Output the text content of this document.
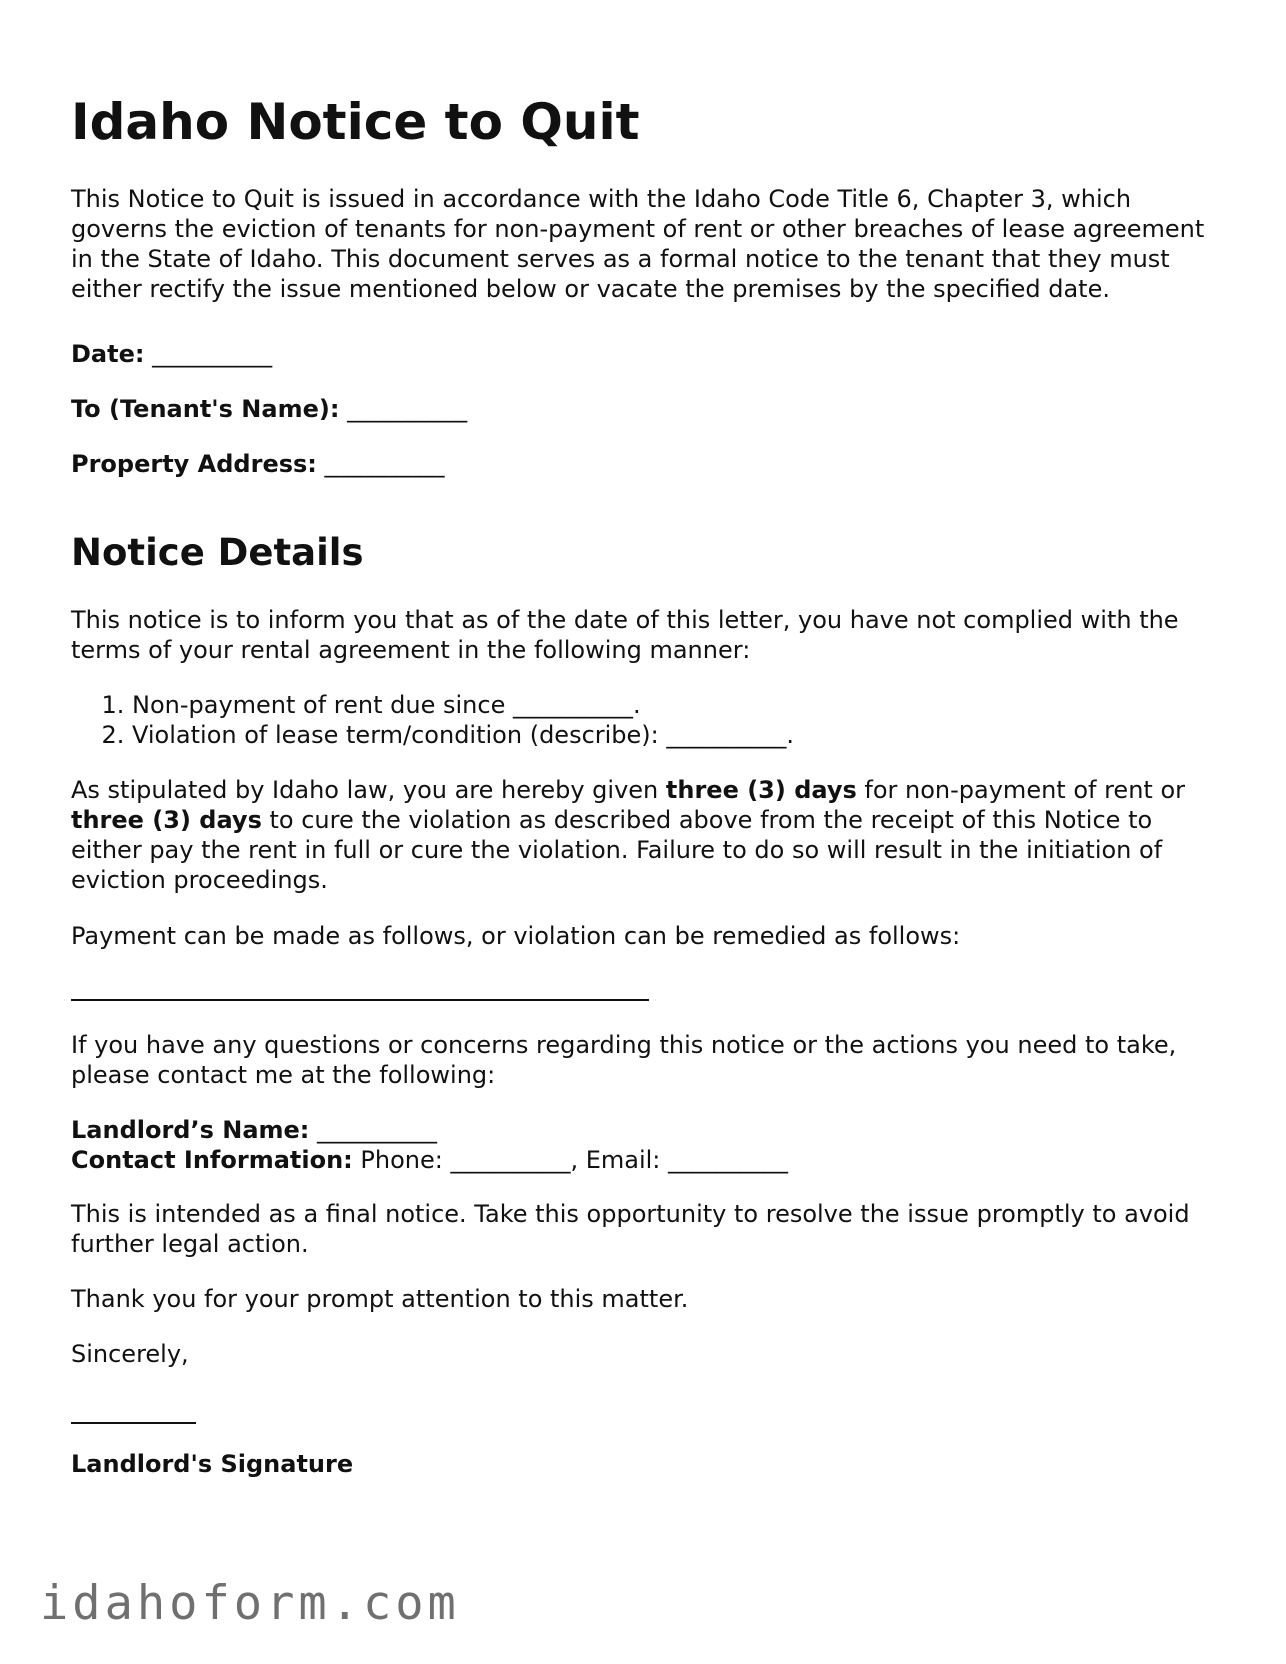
Idaho Notice to Quit

This Notice to Quit is issued in accordance with the Idaho Code Title 6, Chapter 3, which governs the eviction of tenants for non-payment of rent or other breaches of lease agreement in the State of Idaho. This document serves as a formal notice to the tenant that they must either rectify the issue mentioned below or vacate the premises by the specified date.

Date: __________

To (Tenant's Name): __________

Property Address: __________

Notice Details

This notice is to inform you that as of the date of this letter, you have not complied with the terms of your rental agreement in the following manner:

1. Non-payment of rent due since __________.
2. Violation of lease term/condition (describe): __________.

As stipulated by Idaho law, you are hereby given three (3) days for non-payment of rent or three (3) days to cure the violation as described above from the receipt of this Notice to either pay the rent in full or cure the violation. Failure to do so will result in the initiation of eviction proceedings.

Payment can be made as follows, or violation can be remedied as follows:

If you have any questions or concerns regarding this notice or the actions you need to take, please contact me at the following:

Landlord’s Name: __________

Contact Information: Phone: __________, Email: __________

This is intended as a final notice. Take this opportunity to resolve the issue promptly to avoid further legal action.

Thank you for your prompt attention to this matter.

Sincerely,

Landlord's Signature

idahoform.com
